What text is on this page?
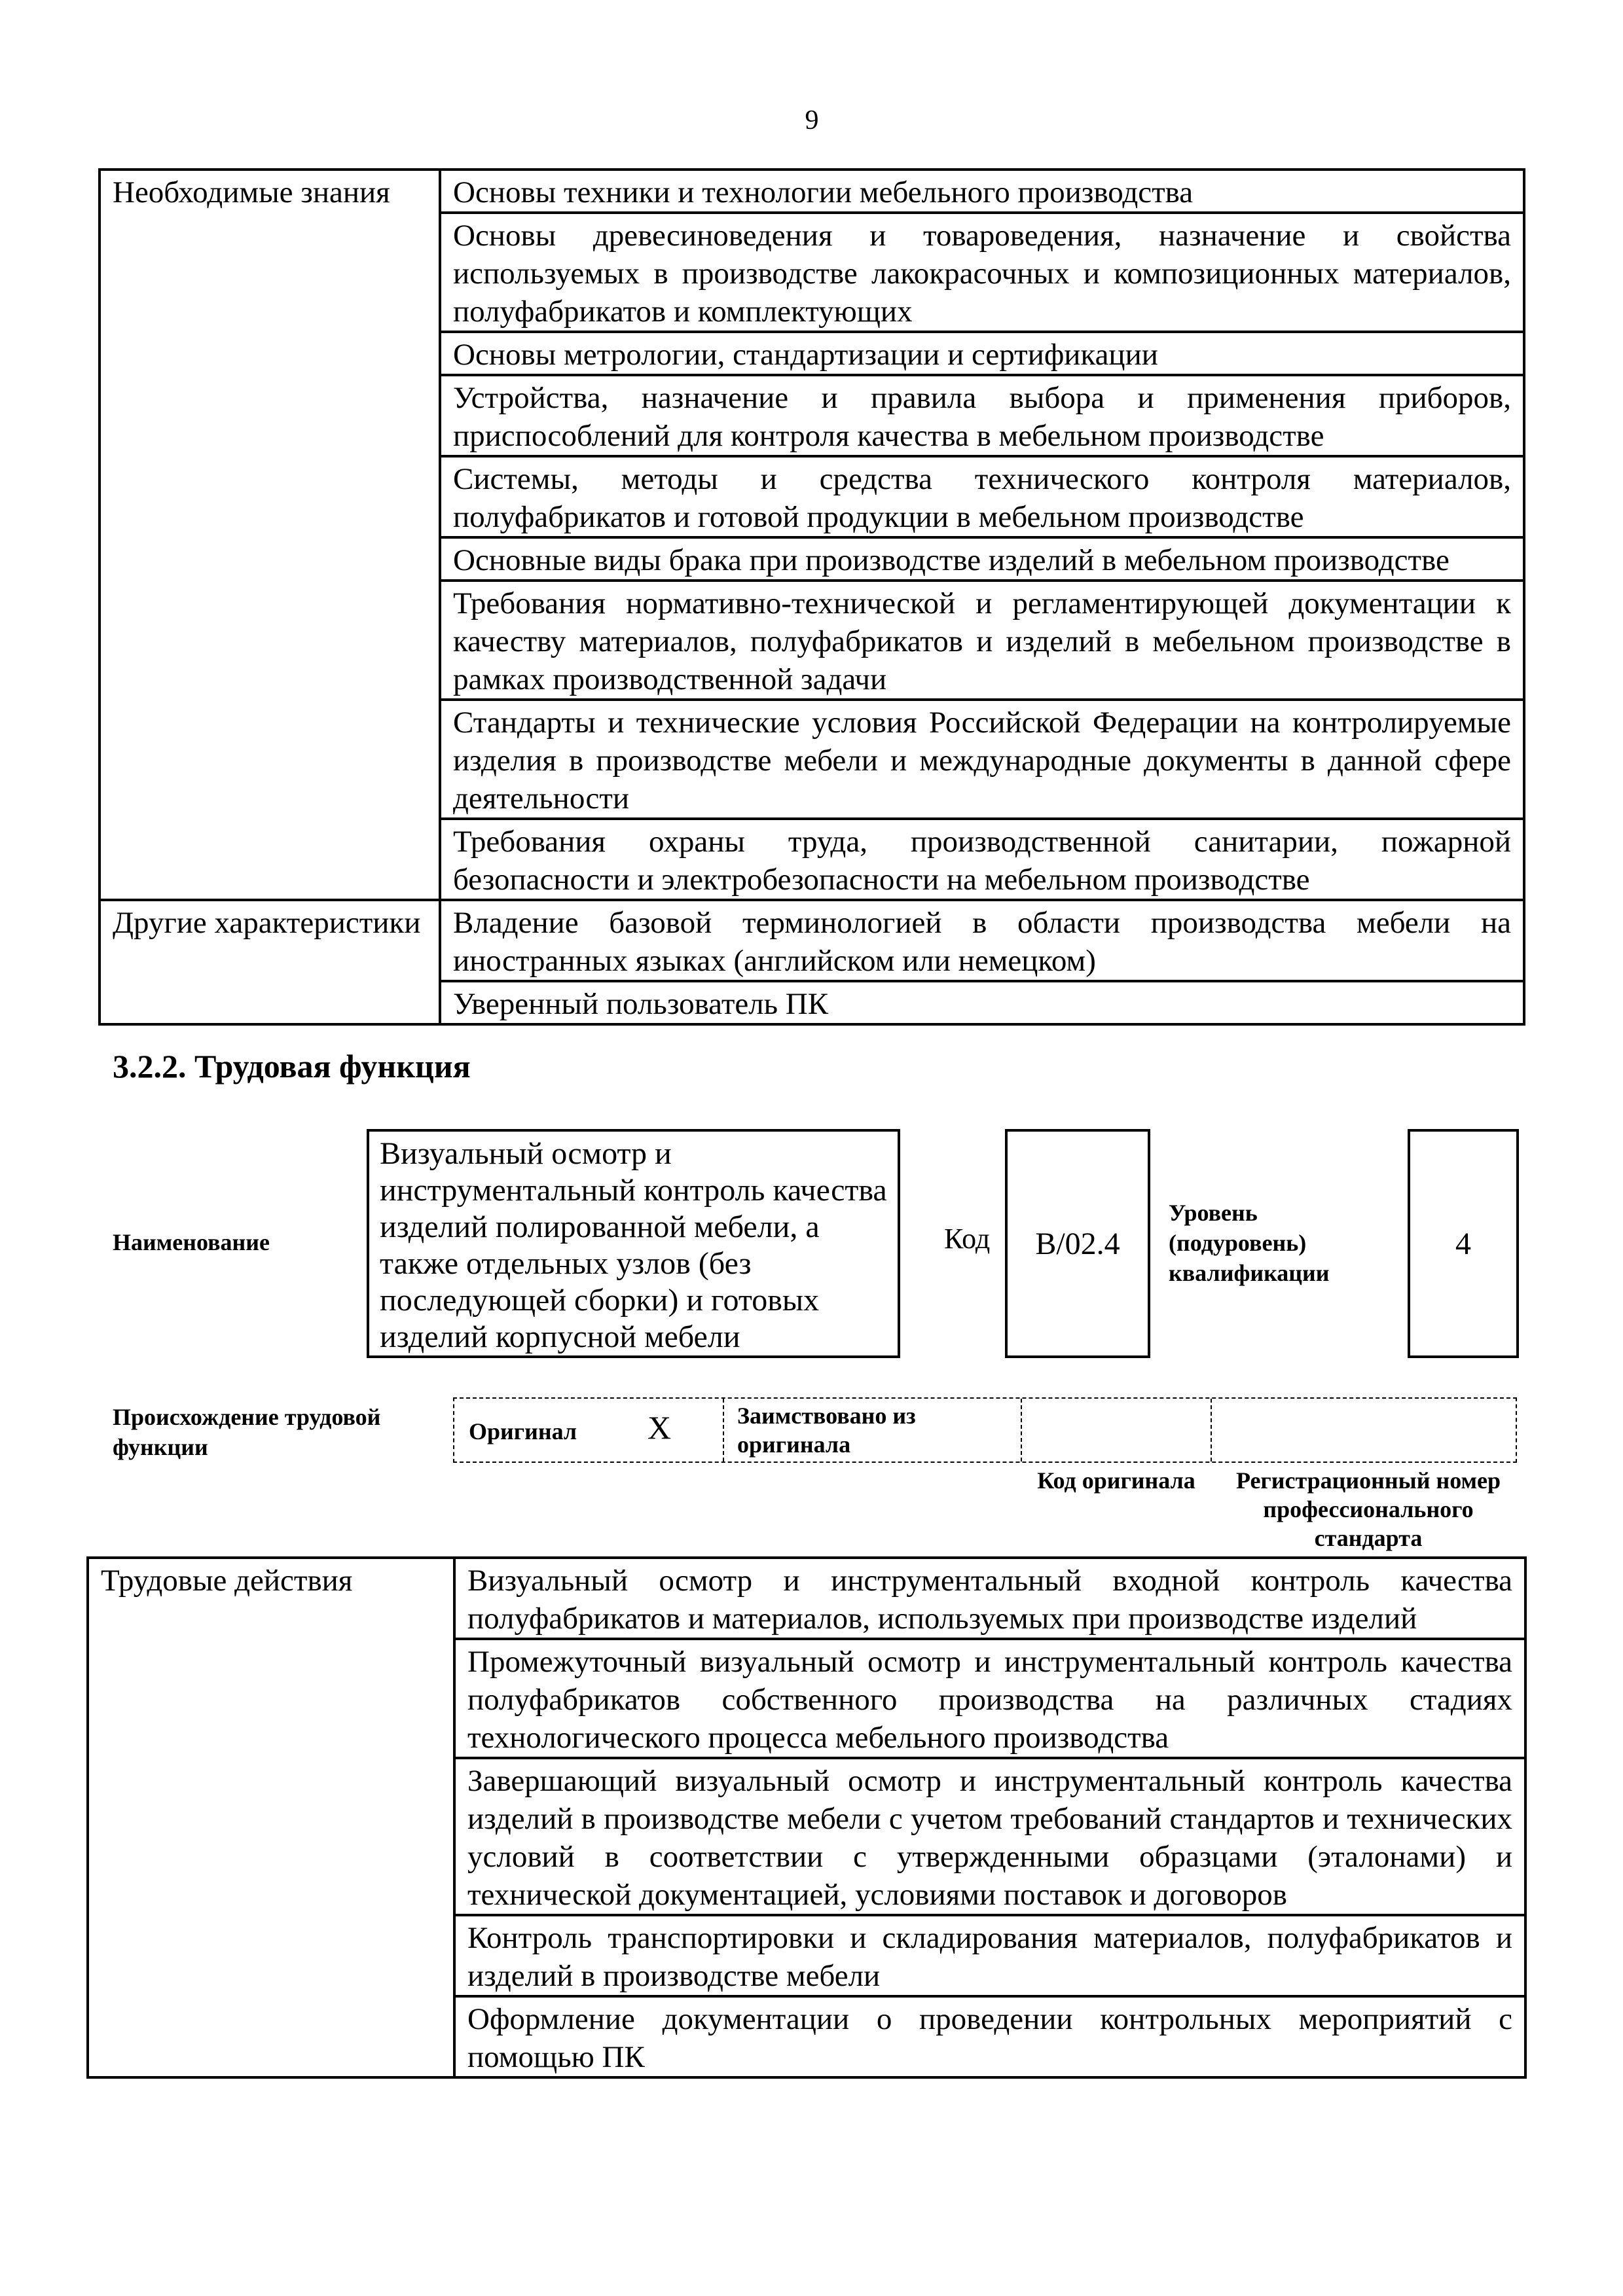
9
Необходимые знания	Основы техники и технологии мебельного производства
	Основы древесиноведения и товароведения, назначение и свойства используемых в производстве лакокрасочных и композиционных материалов, полуфабрикатов и комплектующих
	Основы метрологии, стандартизации и сертификации
	Устройства, назначение и правила выбора и применения приборов, приспособлений для контроля качества в мебельном производстве
	Системы, методы и средства технического контроля материалов, полуфабрикатов и готовой продукции в мебельном производстве
	Основные виды брака при производстве изделий в мебельном производстве
	Требования нормативно-технической и регламентирующей документации к качеству материалов, полуфабрикатов и изделий в мебельном производстве в рамках производственной задачи
	Стандарты и технические условия Российской Федерации на контролируемые изделия в производстве мебели и международные документы в данной сфере деятельности
	Требования охраны труда, производственной санитарии, пожарной безопасности и электробезопасности на мебельном производстве
Другие характеристики	Владение базовой терминологией в области производства мебели на иностранных языках (английском или немецком)
	Уверенный пользователь ПК
3.2.2. Трудовая функция
Наименование
Визуальный осмотр и инструментальный контроль качества изделий полированной мебели, а также отдельных узлов (без последующей сборки) и готовых изделий корпусной мебели
Код B/02.4
Уровень (подуровень) квалификации
4
Происхождение трудовой функции
Оригинал X	Заимствовано из оригинала
Код оригинала	Регистрационный номер профессионального стандарта
Трудовые действия	Визуальный осмотр и инструментальный входной контроль качества полуфабрикатов и материалов, используемых при производстве изделий
Промежуточный визуальный осмотр и инструментальный контроль качества полуфабрикатов собственного производства на различных стадиях технологического процесса мебельного производства
Завершающий визуальный осмотр и инструментальный контроль качества изделий в производстве мебели с учетом требований стандартов и технических условий в соответствии с утвержденными образцами (эталонами) и технической документацией, условиями поставок и договоров
Контроль транспортировки и складирования материалов, полуфабрикатов и изделий в производстве мебели
Оформление документации о проведении контрольных мероприятий с помощью ПК
